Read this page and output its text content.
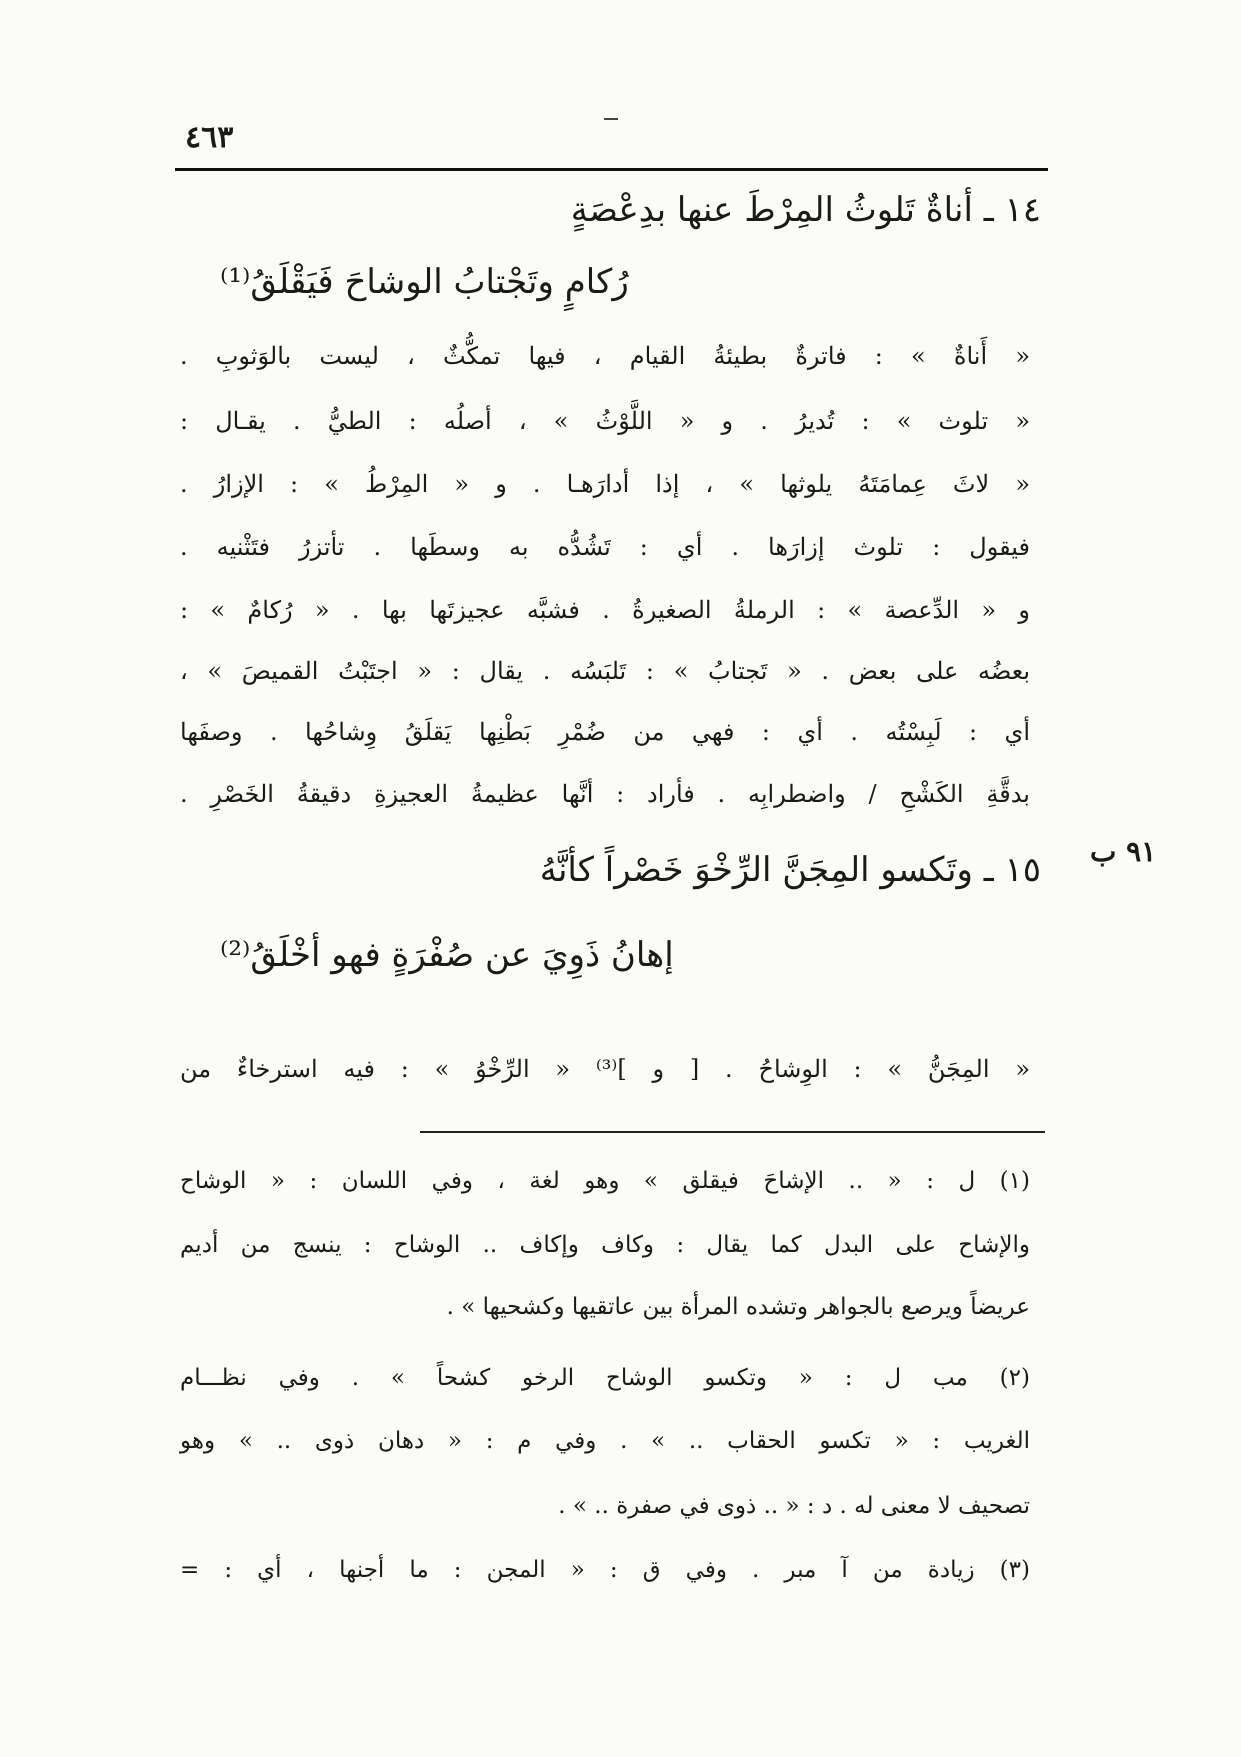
٤٦٣
١٤ ـ أناةٌ تَلوثُ المِرْطَ عنها بدِعْصَةٍ
رُكامٍ وتَجْتابُ الوشاحَ فَيَقْلَقُ⁽¹⁾
« أَناةٌ » : فاترةٌ بطيئةُ القيام ، فيها تمكُّثٌ ، ليست بالوَثوبِ .
« تلوث » : تُديرُ . و « اللَّوْثُ » ، أصلُه : الطيُّ . يقـال :
« لاثَ عِمامَتَهُ يلوثها » ، إذا أدارَهـا . و « المِرْطُ » : الإزارُ .
فيقول : تلوث إزارَها . أي : تَشُدُّه به وسطَها . تأتزرُ فتَثْنيه .
و « الدِّعصة » : الرملةُ الصغيرةُ . فشبَّه عجيزتَها بها . « رُكامٌ » :
بعضُه على بعض . « تَجتابُ » : تَلبَسُه . يقال : « اجتَبْتُ القميصَ » ،
أي : لَبِسْتُه . أي : فهي من ضُمْرِ بَطْنِها يَقلَقُ وِشاحُها . وصفَها
بدقَّةِ الكَشْحِ / واضطرابِه . فأراد : أنَّها عظيمةُ العجيزةِ دقيقةُ الخَصْرِ .
٩١ ب
١٥ ـ وتَكسو المِجَنَّ الرِّخْوَ خَصْراً كأنَّهُ
إهانُ ذَوِيَ عن صُفْرَةٍ فهو أخْلَقُ⁽²⁾
« المِجَنُّ » : الوِشاحُ . [ و ]⁽³⁾ « الرِّخْوُ » : فيه استرخاءٌ من
(١) ل : « .. الإشاحَ فيقلق » وهو لغة ، وفي اللسان : « الوشاح
والإشاح على البدل كما يقال : وكاف وإكاف .. الوشاح : ينسج من أديم
عريضاً ويرصع بالجواهر وتشده المرأة بين عاتقيها وكشحيها » .
(٢) مب ل : « وتكسو الوشاح الرخو كشحاً » . وفي نظـــام
الغريب : « تكسو الحقاب .. » . وفي م : « دهان ذوى .. » وهو
تصحيف لا معنى له . د : « .. ذوى في صفرة .. » .
(٣) زيادة من آ مبر . وفي ق : « المجن : ما أجنها ، أي : =
